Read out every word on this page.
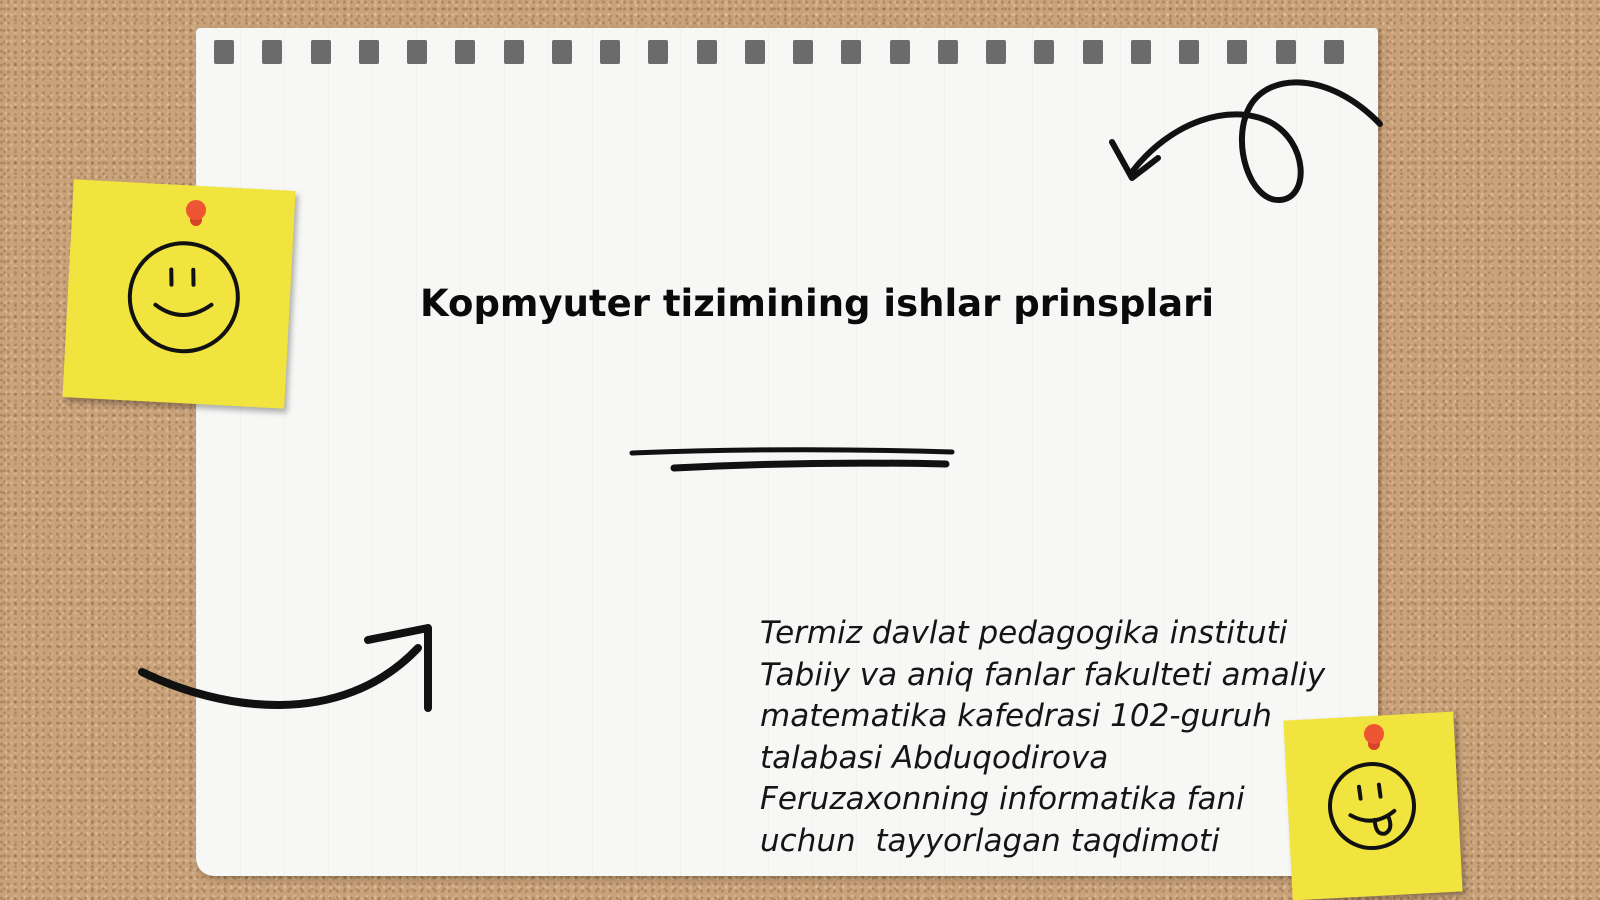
Kopmyuter tizimining ishlar prinsplari
Termiz davlat pedagogika instituti
Tabiiy va aniq fanlar fakulteti amaliy
matematika kafedrasi 102-guruh
talabasi Abduqodirova
Feruzaxonning informatika fani
uchun  tayyorlagan taqdimoti
